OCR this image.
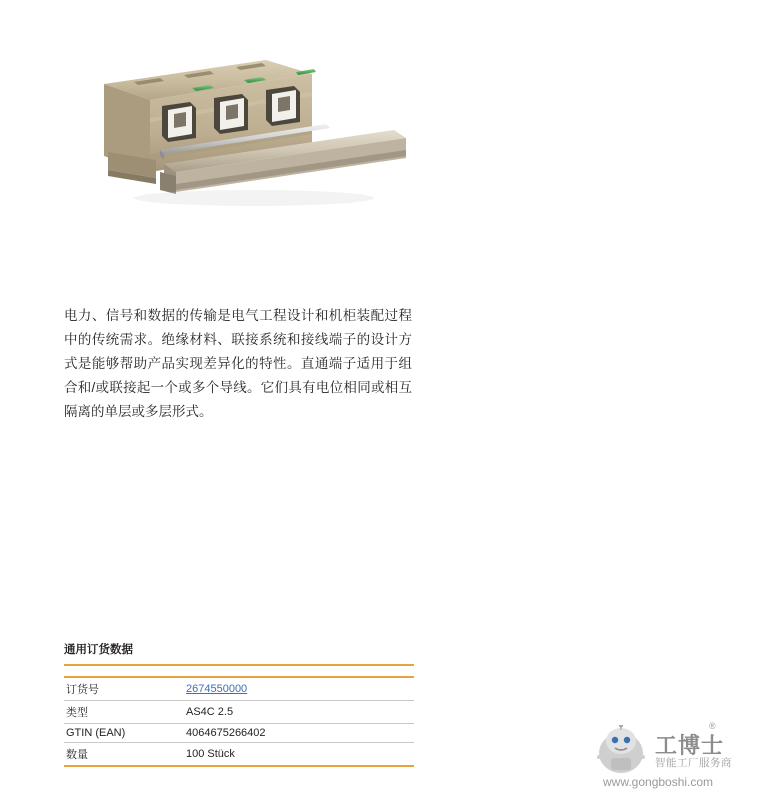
电力、信号和数据的传输是电气工程设计和机柜装配过程中的传统需求。绝缘材料、联接系统和接线端子的设计方式是能够帮助产品实现差异化的特性。直通端子适用于组合和/或联接起一个或多个导线。它们具有电位相同或相互隔离的单层或多层形式。

通用订货数据

订货号	2674550000
类型	AS4C 2.5
GTIN (EAN)	4064675266402
数量	100 Stück	工博士
®
智能工厂服务商
www.gongboshi.com
